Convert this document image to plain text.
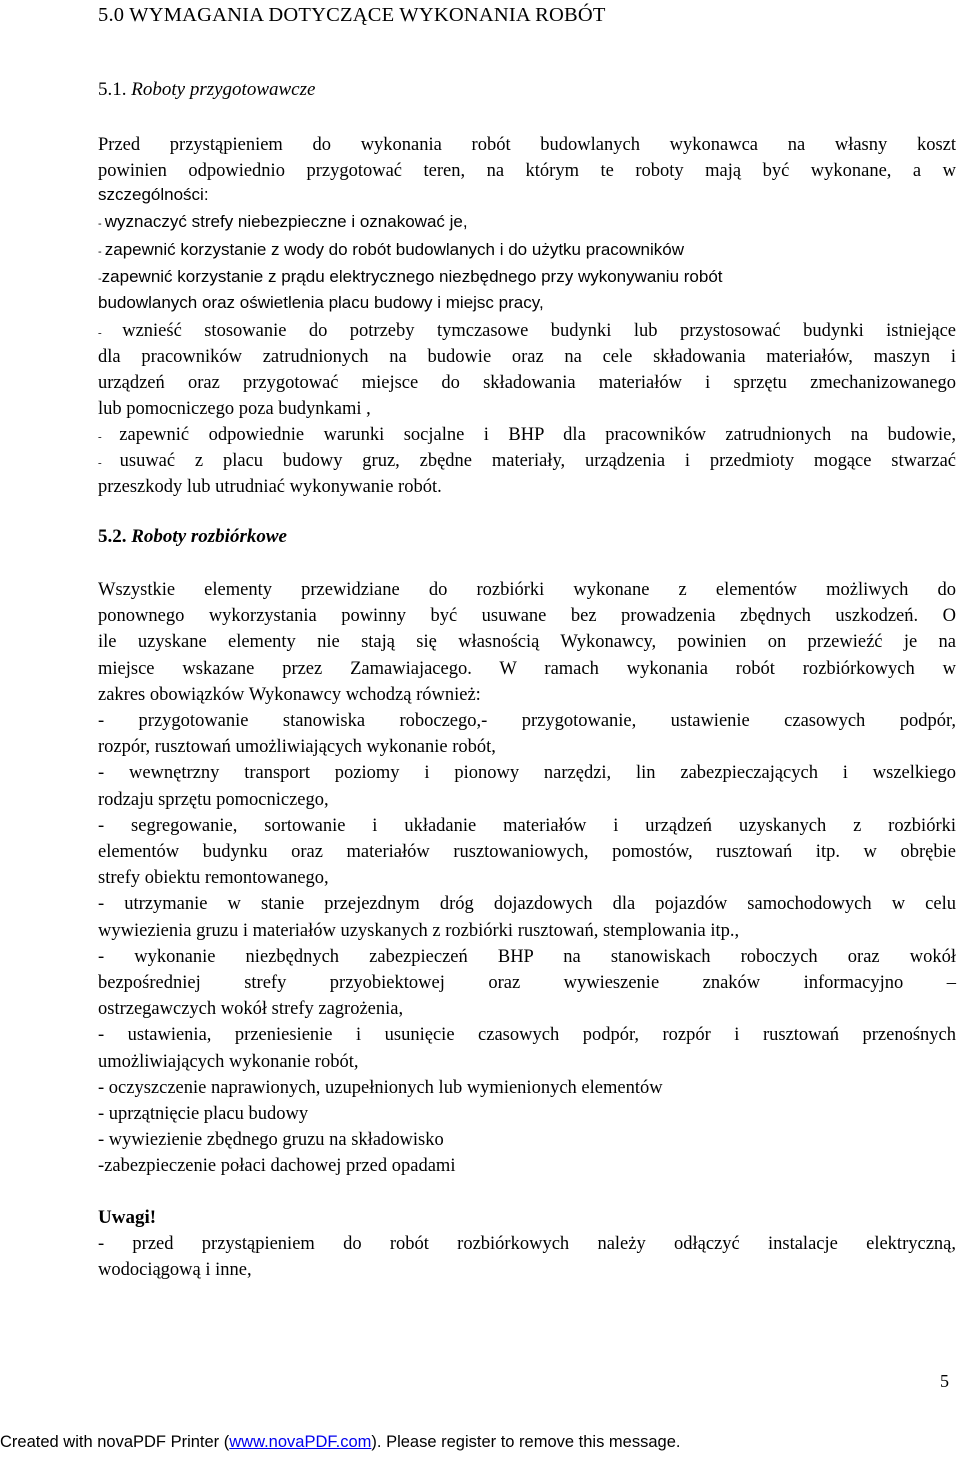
5.0 WYMAGANIA DOTYCZĄCE WYKONANIA ROBÓT
5.1. Roboty przygotowawcze
Przed przystąpieniem do wykonania robót budowlanych wykonawca na własny koszt
powinien odpowiednio przygotować teren, na którym te roboty mają być wykonane, a w
szczególności:
- wyznaczyć strefy niebezpieczne i oznakować je,
- zapewnić korzystanie z wody do robót budowlanych i do użytku pracowników
-zapewnić korzystanie z prądu elektrycznego niezbędnego przy wykonywaniu robót
budowlanych oraz oświetlenia placu budowy i miejsc pracy,
- wznieść stosowanie do potrzeby tymczasowe budynki lub przystosować budynki istniejące
dla pracowników zatrudnionych na budowie oraz na cele składowania materiałów, maszyn i
urządzeń oraz przygotować miejsce do składowania materiałów i sprzętu zmechanizowanego
lub pomocniczego poza budynkami ,
- zapewnić odpowiednie warunki socjalne i BHP dla pracowników zatrudnionych na budowie,
- usuwać z placu budowy gruz, zbędne materiały, urządzenia i przedmioty mogące stwarzać
przeszkody lub utrudniać wykonywanie robót.
5.2. Roboty rozbiórkowe
Wszystkie elementy przewidziane do rozbiórki wykonane z elementów możliwych do
ponownego wykorzystania powinny być usuwane bez prowadzenia zbędnych uszkodzeń. O
ile uzyskane elementy nie stają się własnością Wykonawcy, powinien on przewieźć je na
miejsce wskazane przez Zamawiajacego. W ramach wykonania robót rozbiórkowych w
zakres obowiązków Wykonawcy wchodzą również:
- przygotowanie stanowiska roboczego,- przygotowanie, ustawienie czasowych podpór,
rozpór, rusztowań umożliwiających wykonanie robót,
- wewnętrzny transport poziomy i pionowy narzędzi, lin zabezpieczających i wszelkiego
rodzaju sprzętu pomocniczego,
- segregowanie, sortowanie i układanie materiałów i urządzeń uzyskanych z rozbiórki
elementów budynku oraz materiałów rusztowaniowych, pomostów, rusztowań itp. w obrębie
strefy obiektu remontowanego,
- utrzymanie w stanie przejezdnym dróg dojazdowych dla pojazdów samochodowych w celu
wywiezienia gruzu i materiałów uzyskanych z rozbiórki rusztowań, stemplowania itp.,
- wykonanie niezbędnych zabezpieczeń BHP na stanowiskach roboczych oraz wokół
bezpośredniej strefy przyobiektowej oraz wywieszenie znaków informacyjno –
ostrzegawczych wokół strefy zagrożenia,
- ustawienia, przeniesienie i usunięcie czasowych podpór, rozpór i rusztowań przenośnych
umożliwiających wykonanie robót,
- oczyszczenie naprawionych, uzupełnionych lub wymienionych elementów
- uprzątnięcie placu budowy
- wywiezienie zbędnego gruzu na składowisko
-zabezpieczenie połaci dachowej przed opadami
Uwagi!
- przed przystąpieniem do robót rozbiórkowych należy odłączyć instalacje elektryczną,
wodociągową i inne,
5
Created with novaPDF Printer (www.novaPDF.com). Please register to remove this message.
